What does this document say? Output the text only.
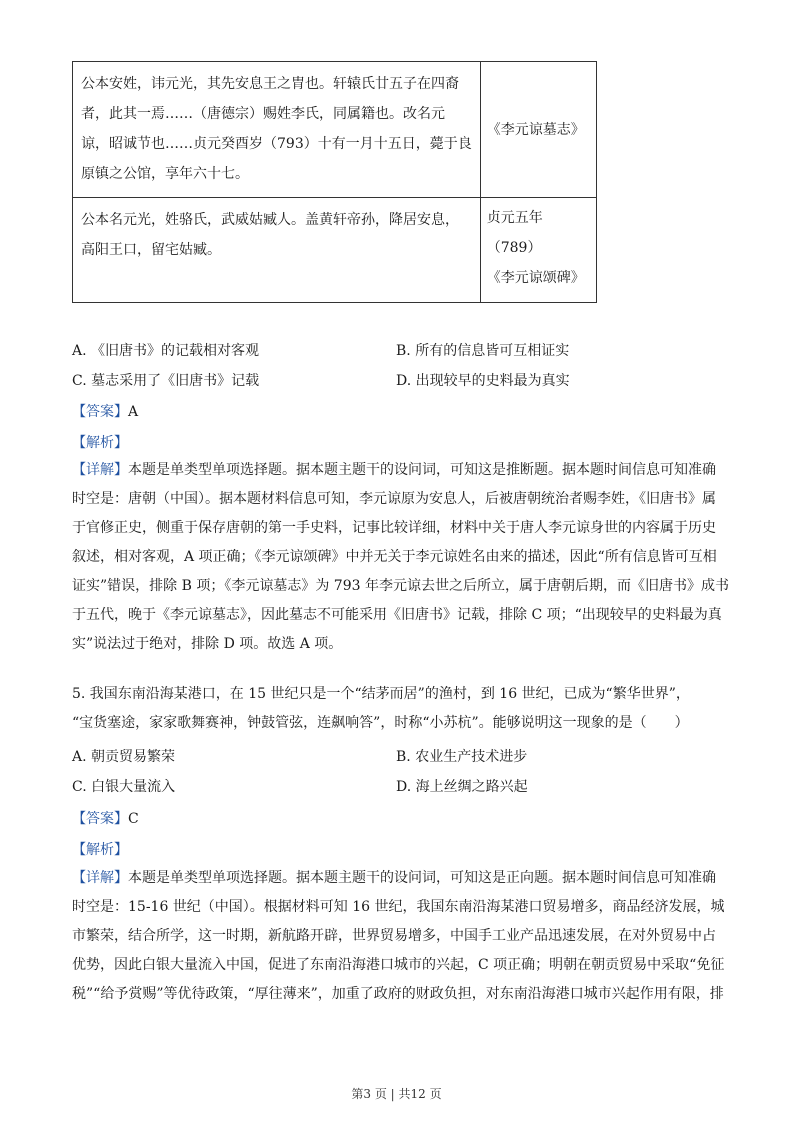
公本安姓，讳元光，其先安息王之胄也。轩辕氏廿五子在四裔
者，此其一焉……（唐德宗）赐姓李氏，同属籍也。改名元
谅，昭诚节也……贞元癸酉岁（793）十有一月十五日，薨于良
原镇之公馆，享年六十七。	《李元谅墓志》

公本名元光，姓骆氏，武威姑臧人。盖黄轩帝孙，降居安息，
高阳王口，留宅姑臧。	贞元五年
（789）
《李元谅颂碑》
A. 《旧唐书》的记载相对客观	B. 所有的信息皆可互相证实
C. 墓志采用了《旧唐书》记载	D. 出现较早的史料最为真实
【答案】A
【解析】
【详解】本题是单类型单项选择题。据本题主题干的设问词，可知这是推断题。据本题时间信息可知准确
时空是：唐朝（中国）。据本题材料信息可知，李元谅原为安息人，后被唐朝统治者赐李姓，《旧唐书》属
于官修正史，侧重于保存唐朝的第一手史料，记事比较详细，材料中关于唐人李元谅身世的内容属于历史
叙述，相对客观，A 项正确；《李元谅颂碑》中并无关于李元谅姓名由来的描述，因此“所有信息皆可互相
证实”错误，排除 B 项；《李元谅墓志》为 793 年李元谅去世之后所立，属于唐朝后期，而《旧唐书》成书
于五代，晚于《李元谅墓志》，因此墓志不可能采用《旧唐书》记载，排除 C 项；“出现较早的史料最为真
实”说法过于绝对，排除 D 项。故选 A 项。
5. 我国东南沿海某港口，在 15 世纪只是一个“结茅而居”的渔村，到 16 世纪，已成为“繁华世界”，
“宝货塞途，家家歌舞赛神，钟鼓管弦，连飙响答”，时称“小苏杭”。能够说明这一现象的是（　　）
A. 朝贡贸易繁荣	B. 农业生产技术进步
C. 白银大量流入	D. 海上丝绸之路兴起
【答案】C
【解析】
【详解】本题是单类型单项选择题。据本题主题干的设问词，可知这是正向题。据本题时间信息可知准确
时空是：15-16 世纪（中国）。根据材料可知 16 世纪，我国东南沿海某港口贸易增多，商品经济发展，城
市繁荣，结合所学，这一时期，新航路开辟，世界贸易增多，中国手工业产品迅速发展，在对外贸易中占
优势，因此白银大量流入中国，促进了东南沿海港口城市的兴起，C 项正确；明朝在朝贡贸易中采取“免征
税”“给予赏赐”等优待政策，“厚往薄来”，加重了政府的财政负担，对东南沿海港口城市兴起作用有限，排
第3 页 | 共12 页
